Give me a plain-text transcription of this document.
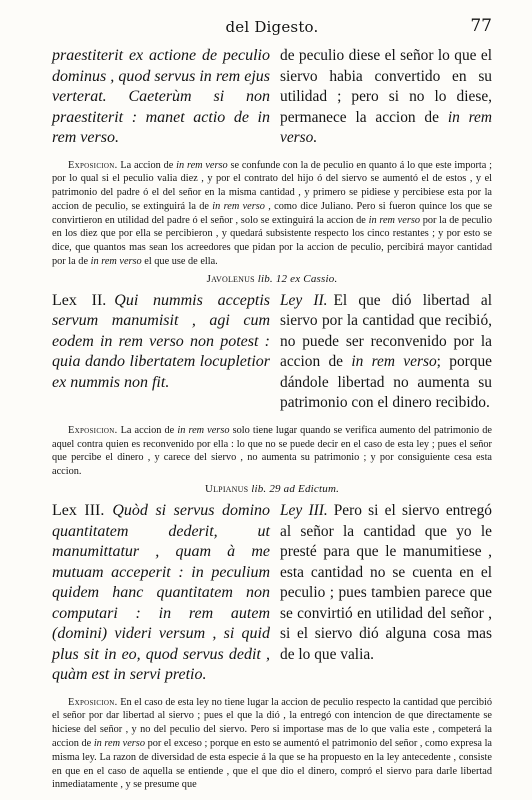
del Digesto.	77
praestiterit ex actione de peculio dominus , quod servus in rem ejus verterat. Caeterùm si non praestiterit : manet actio de in rem verso.
de peculio diese el señor lo que el siervo habia convertido en su utilidad ; pero si no lo diese, permanece la accion de in rem verso.

Exposicion. La accion de in rem verso se confunde con la de peculio en quanto á lo que este importa ; por lo qual si el peculio valia diez , y por el contrato del hijo ó del siervo se aumentó el de estos , y el patrimonio del padre ó el del señor en la misma cantidad , y primero se pidiese y percibiese esta por la accion de peculio, se extinguirá la de in rem verso , como dice Juliano. Pero si fueron quince los que se convirtieron en utilidad del padre ó el señor , solo se extinguirá la accion de in rem verso por la de peculio en los diez que por ella se percibieron , y quedará subsistente respecto los cinco restantes ; y por esto se dice, que quantos mas sean los acreedores que pidan por la accion de peculio, percibirá mayor cantidad por la de in rem verso el que use de ella.

Javolenus lib. 12 ex Cassio.
Lex II. Qui nummis acceptis servum manumisit , agi cum eodem in rem verso non potest : quia dando libertatem locupletior ex nummis non fit.
Ley II. El que dió libertad al siervo por la cantidad que recibió, no puede ser reconvenido por la accion de in rem verso; porque dándole libertad no aumenta su patrimonio con el dinero recibido.

Exposicion. La accion de in rem verso solo tiene lugar quando se verifica aumento del patrimonio de aquel contra quien es reconvenido por ella : lo que no se puede decir en el caso de esta ley ; pues el señor que percibe el dinero , y carece del siervo , no aumenta su patrimonio ; y por consiguiente cesa esta accion.

Ulpianus lib. 29 ad Edictum.
Lex III. Quòd si servus domino quantitatem dederit, ut manumittatur , quam à me mutuam acceperit : in peculium quidem hanc quantitatem non computari : in rem autem (domini) videri versum , si quid plus sit in eo, quod servus dedit , quàm est in servi pretio.
Ley III. Pero si el siervo entregó al señor la cantidad que yo le presté para que le manumitiese , esta cantidad no se cuenta en el peculio ; pues tambien parece que se convirtió en utilidad del señor , si el siervo dió alguna cosa mas de lo que valia.

Exposicion. En el caso de esta ley no tiene lugar la accion de peculio respecto la cantidad que percibió el señor por dar libertad al siervo ; pues el que la dió , la entregó con intencion de que directamente se hiciese del señor , y no del peculio del siervo. Pero si importase mas de lo que valia este , competerá la accion de in rem verso por el exceso ; porque en esto se aumentó el patrimonio del señor , como expresa la misma ley. La razon de diversidad de esta especie á la que se ha propuesto en la ley antecedente , consiste en que en el caso de aquella se entiende , que el que dio el dinero, compró el siervo para darle libertad inmediatamente , y se presume que
